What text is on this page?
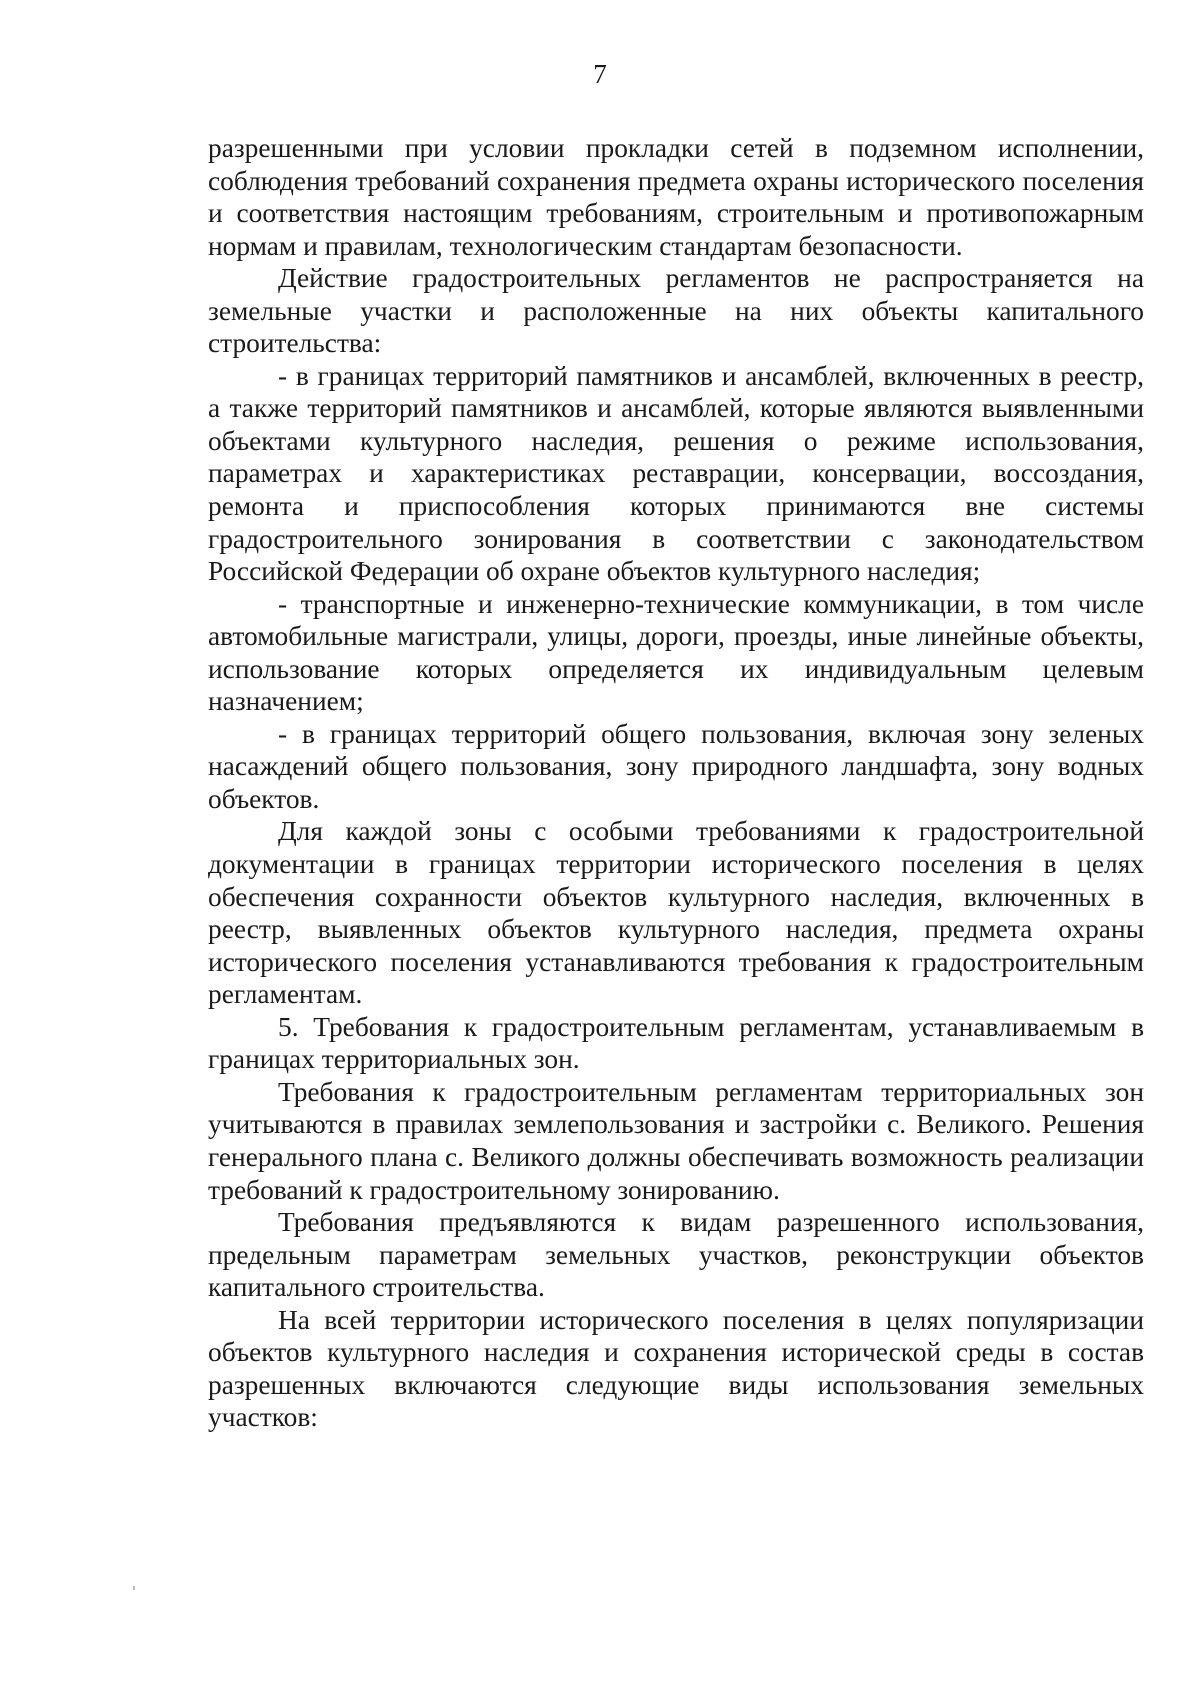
7

разрешенными при условии прокладки сетей в подземном исполнении, соблюдения требований сохранения предмета охраны исторического поселения и соответствия настоящим требованиям, строительным и противопожарным нормам и правилам, технологическим стандартам безопасности.

Действие градостроительных регламентов не распространяется на земельные участки и расположенные на них объекты капитального строительства:

- в границах территорий памятников и ансамблей, включенных в реестр, а также территорий памятников и ансамблей, которые являются выявленными объектами культурного наследия, решения о режиме использования, параметрах и характеристиках реставрации, консервации, воссоздания, ремонта и приспособления которых принимаются вне системы градостроительного зонирования в соответствии с законодательством Российской Федерации об охране объектов культурного наследия;

- транспортные и инженерно-технические коммуникации, в том числе автомобильные магистрали, улицы, дороги, проезды, иные линейные объекты, использование которых определяется их индивидуальным целевым назначением;

- в границах территорий общего пользования, включая зону зеленых насаждений общего пользования, зону природного ландшафта, зону водных объектов.

Для каждой зоны с особыми требованиями к градостроительной документации в границах территории исторического поселения в целях обеспечения сохранности объектов культурного наследия, включенных в реестр, выявленных объектов культурного наследия, предмета охраны исторического поселения устанавливаются требования к градостроительным регламентам.

5. Требования к градостроительным регламентам, устанавливаемым в границах территориальных зон.

Требования к градостроительным регламентам территориальных зон учитываются в правилах землепользования и застройки с. Великого. Решения генерального плана с. Великого должны обеспечивать возможность реализации требований к градостроительному зонированию.

Требования предъявляются к видам разрешенного использования, предельным параметрам земельных участков, реконструкции объектов капитального строительства.

На всей территории исторического поселения в целях популяризации объектов культурного наследия и сохранения исторической среды в состав разрешенных включаются следующие виды использования земельных участков:
